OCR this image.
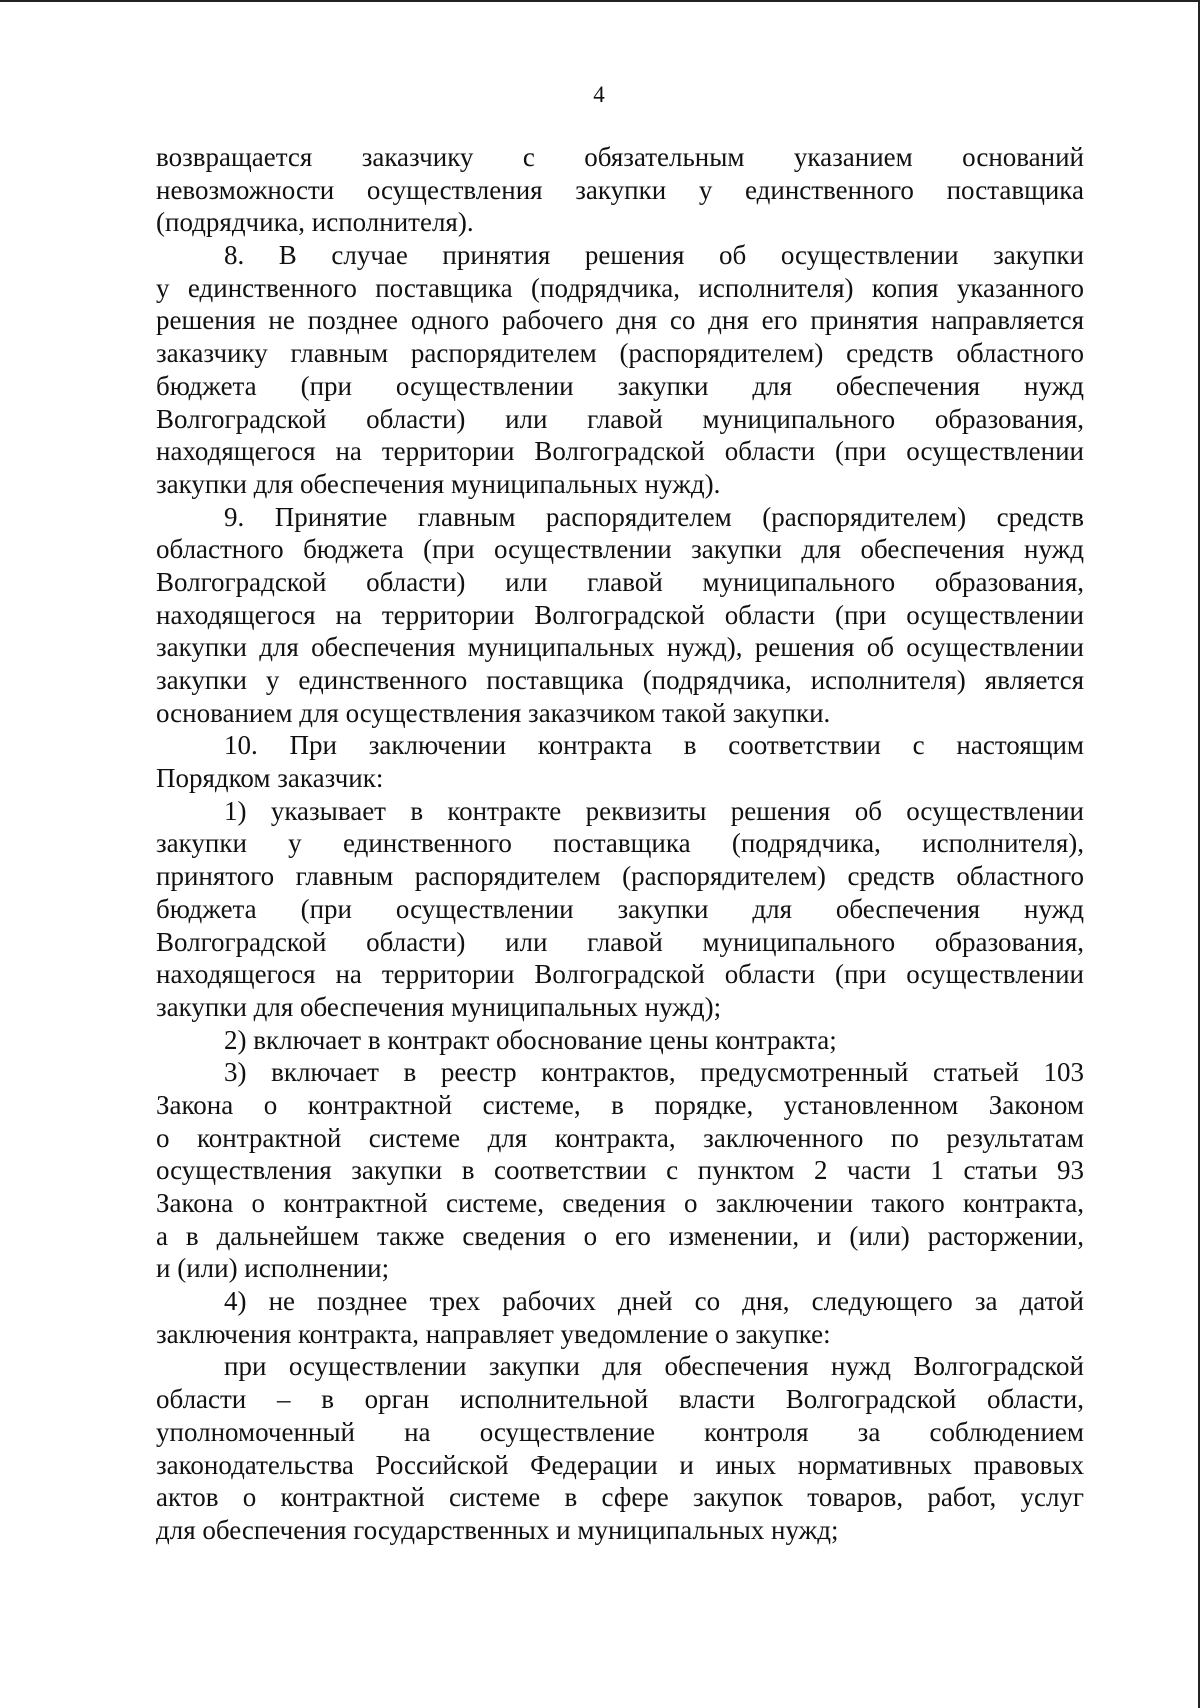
4
возвращается заказчику с обязательным указанием оснований
невозможности осуществления закупки у единственного поставщика
(подрядчика, исполнителя).
8. В случае принятия решения об осуществлении закупки
у единственного поставщика (подрядчика, исполнителя) копия указанного
решения не позднее одного рабочего дня со дня его принятия направляется
заказчику главным распорядителем (распорядителем) средств областного
бюджета (при осуществлении закупки для обеспечения нужд
Волгоградской области) или главой муниципального образования,
находящегося на территории Волгоградской области (при осуществлении
закупки для обеспечения муниципальных нужд).
9. Принятие главным распорядителем (распорядителем) средств
областного бюджета (при осуществлении закупки для обеспечения нужд
Волгоградской области) или главой муниципального образования,
находящегося на территории Волгоградской области (при осуществлении
закупки для обеспечения муниципальных нужд), решения об осуществлении
закупки у единственного поставщика (подрядчика, исполнителя) является
основанием для осуществления заказчиком такой закупки.
10. При заключении контракта в соответствии с настоящим
Порядком заказчик:
1) указывает в контракте реквизиты решения об осуществлении
закупки у единственного поставщика (подрядчика, исполнителя),
принятого главным распорядителем (распорядителем) средств областного
бюджета (при осуществлении закупки для обеспечения нужд
Волгоградской области) или главой муниципального образования,
находящегося на территории Волгоградской области (при осуществлении
закупки для обеспечения муниципальных нужд);
2) включает в контракт обоснование цены контракта;
3) включает в реестр контрактов, предусмотренный статьей 103
Закона о контрактной системе, в порядке, установленном Законом
о контрактной системе для контракта, заключенного по результатам
осуществления закупки в соответствии с пунктом 2 части 1 статьи 93
Закона о контрактной системе, сведения о заключении такого контракта,
а в дальнейшем также сведения о его изменении, и (или) расторжении,
и (или) исполнении;
4) не позднее трех рабочих дней со дня, следующего за датой
заключения контракта, направляет уведомление о закупке:
при осуществлении закупки для обеспечения нужд Волгоградской
области – в орган исполнительной власти Волгоградской области,
уполномоченный на осуществление контроля за соблюдением
законодательства Российской Федерации и иных нормативных правовых
актов о контрактной системе в сфере закупок товаров, работ, услуг
для обеспечения государственных и муниципальных нужд;
